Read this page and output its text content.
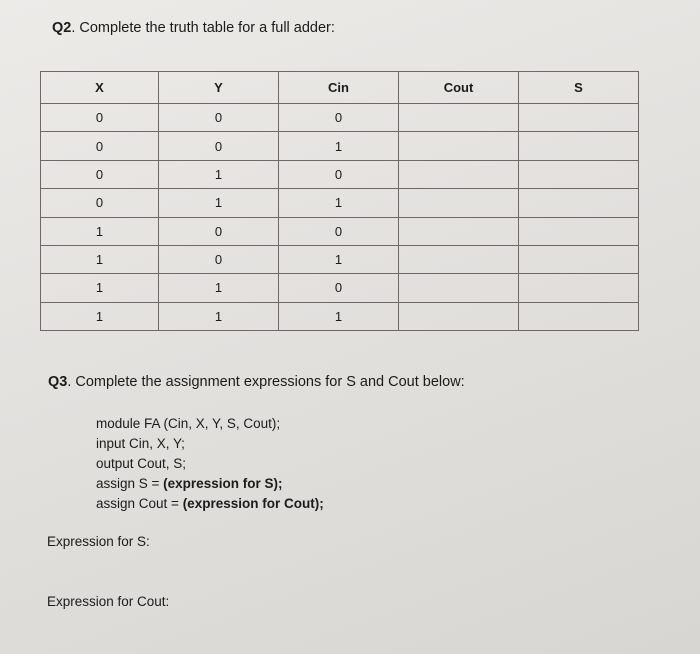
Q2. Complete the truth table for a full adder:
X	Y	Cin	Cout	S
0	0	0		
0	0	1		
0	1	0		
0	1	1		
1	0	0		
1	0	1		
1	1	0		
1	1	1		
Q3. Complete the assignment expressions for S and Cout below:
module FA (Cin, X, Y, S, Cout);
input Cin, X, Y;
output Cout, S;
assign S = (expression for S);
assign Cout = (expression for Cout);
Expression for S:
Expression for Cout:
